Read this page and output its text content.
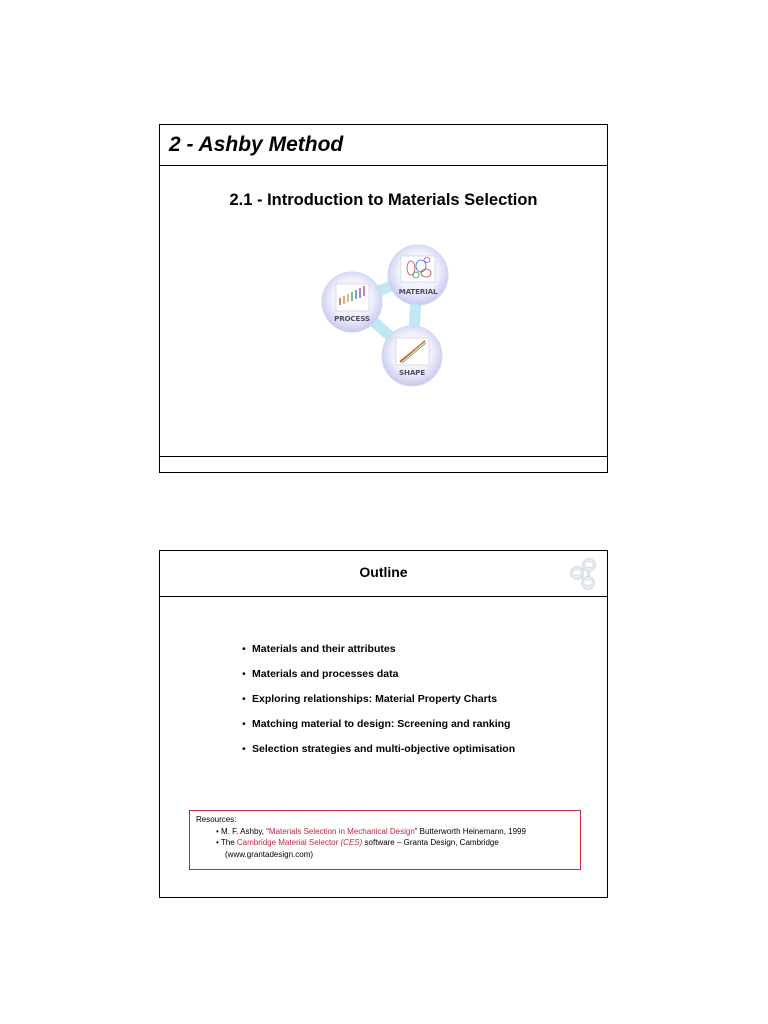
2 - Ashby Method
2.1 - Introduction to Materials Selection
MATERIAL
PROCESS
SHAPE
Outline
• Materials and their attributes
• Materials and processes data
• Exploring relationships: Material Property Charts
• Matching material to design: Screening and ranking
• Selection strategies and multi-objective optimisation
Resources:
• M. F. Ashby, “Materials Selection in Mechanical Design” Butterworth Heinemann, 1999
• The Cambridge Material Selector (CES) software – Granta Design, Cambridge
(www.grantadesign.com)
